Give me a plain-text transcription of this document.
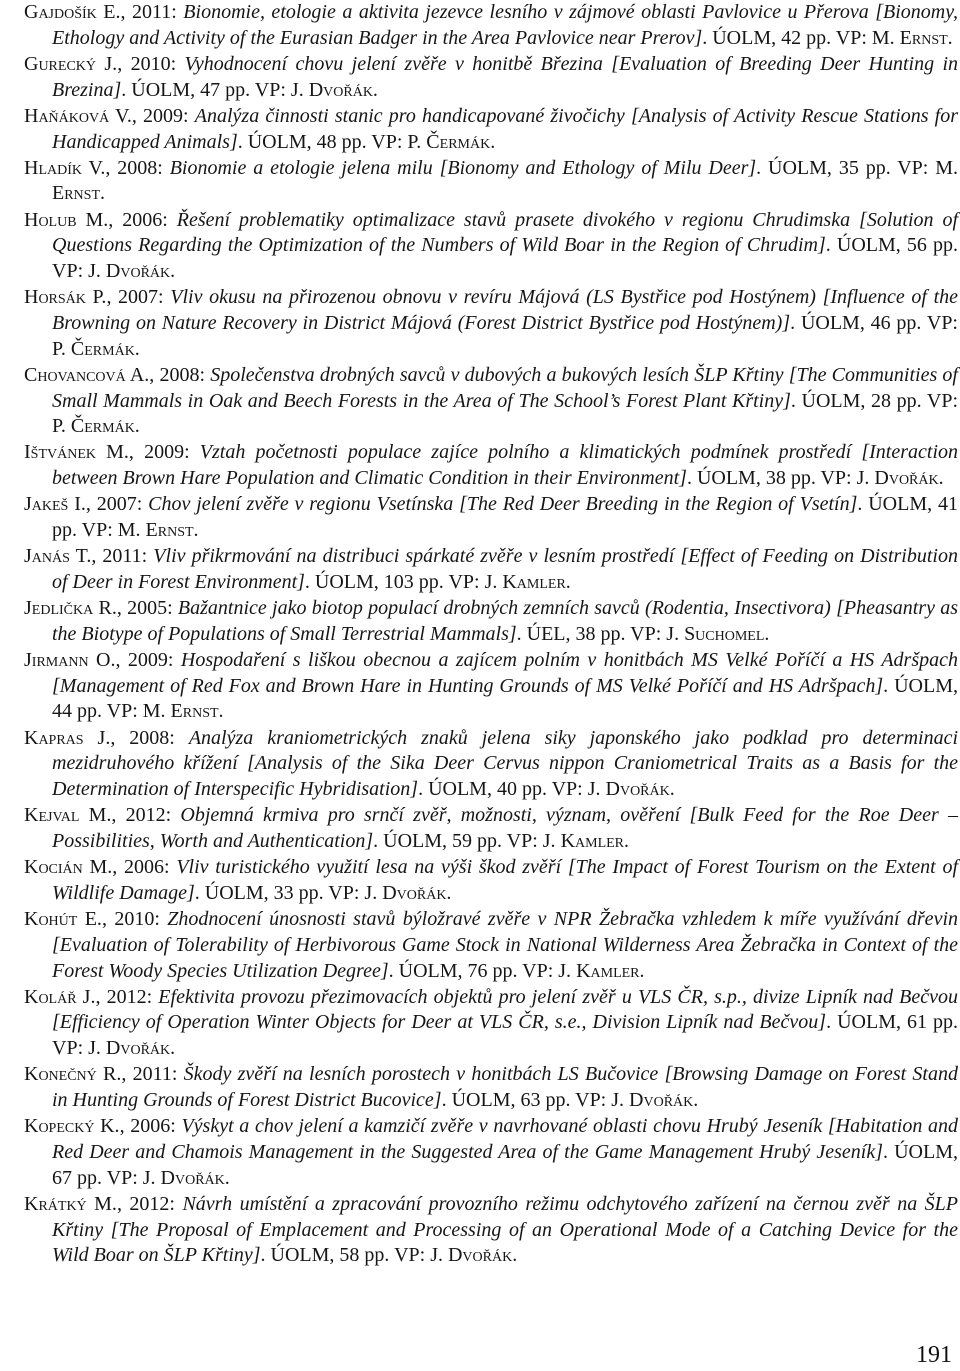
Gajdošík E., 2011: Bionomie, etologie a aktivita jezevce lesního v zájmové oblasti Pavlovice u Přerova [Bionomy, Ethology and Activity of the Eurasian Badger in the Area Pavlovice near Prerov]. ÚOLM, 42 pp. VP: M. Ernst.

Gurecký J., 2010: Vyhodnocení chovu jelení zvěře v honitbě Březina [Evaluation of Breeding Deer Hunting in Brezina]. ÚOLM, 47 pp. VP: J. Dvořák.

Haňáková V., 2009: Analýza činnosti stanic pro handicapované živočichy [Analysis of Activity Rescue Stations for Handicapped Animals]. ÚOLM, 48 pp. VP: P. Čermák.

Hladík V., 2008: Bionomie a etologie jelena milu [Bionomy and Ethology of Milu Deer]. ÚOLM, 35 pp. VP: M. Ernst.

Holub M., 2006: Řešení problematiky optimalizace stavů prasete divokého v regionu Chrudimska [Solution of Questions Regarding the Optimization of the Numbers of Wild Boar in the Region of Chrudim]. ÚOLM, 56 pp. VP: J. Dvořák.

Horsák P., 2007: Vliv okusu na přirozenou obnovu v revíru Májová (LS Bystřice pod Hostýnem) [Influence of the Browning on Nature Recovery in District Májová (Forest District Bystřice pod Hostýnem)]. ÚOLM, 46 pp. VP: P. Čermák.

Chovancová A., 2008: Společenstva drobných savců v dubových a bukových lesích ŠLP Křtiny [The Communities of Small Mammals in Oak and Beech Forests in the Area of The School’s Forest Plant Křtiny]. ÚOLM, 28 pp. VP: P. Čermák.

Ištvánek M., 2009: Vztah početnosti populace zajíce polního a klimatických podmínek prostředí [Interaction between Brown Hare Population and Climatic Condition in their Environment]. ÚOLM, 38 pp. VP: J. Dvořák.

Jakeš I., 2007: Chov jelení zvěře v regionu Vsetínska [The Red Deer Breeding in the Region of Vsetín]. ÚOLM, 41 pp. VP: M. Ernst.

Janás T., 2011: Vliv přikrmování na distribuci spárkaté zvěře v lesním prostředí [Effect of Feeding on Distribution of Deer in Forest Environment]. ÚOLM, 103 pp. VP: J. Kamler.

Jedlička R., 2005: Bažantnice jako biotop populací drobných zemních savců (Rodentia, Insectivora) [Pheasantry as the Biotype of Populations of Small Terrestrial Mammals]. ÚEL, 38 pp. VP: J. Suchomel.

Jirmann O., 2009: Hospodaření s liškou obecnou a zajícem polním v honitbách MS Velké Poříčí a HS Adršpach [Management of Red Fox and Brown Hare in Hunting Grounds of MS Velké Poříčí and HS Adršpach]. ÚOLM, 44 pp. VP: M. Ernst.

Kapras J., 2008: Analýza kraniometrických znaků jelena siky japonského jako podklad pro determinaci mezidruhového křížení [Analysis of the Sika Deer Cervus nippon Craniometrical Traits as a Basis for the Determination of Interspecific Hybridisation]. ÚOLM, 40 pp. VP: J. Dvořák.

Kejval M., 2012: Objemná krmiva pro srnčí zvěř, možnosti, význam, ověření [Bulk Feed for the Roe Deer – Possibilities, Worth and Authentication]. ÚOLM, 59 pp. VP: J. Kamler.

Kocián M., 2006: Vliv turistického využití lesa na výši škod zvěří [The Impact of Forest Tourism on the Extent of Wildlife Damage]. ÚOLM, 33 pp. VP: J. Dvořák.

Kohút E., 2010: Zhodnocení únosnosti stavů býložravé zvěře v NPR Žebračka vzhledem k míře využívání dřevin [Evaluation of Tolerability of Herbivorous Game Stock in National Wilderness Area Žebračka in Context of the Forest Woody Species Utilization Degree]. ÚOLM, 76 pp. VP: J. Kamler.

Kolář J., 2012: Efektivita provozu přezimovacích objektů pro jelení zvěř u VLS ČR, s.p., divize Lipník nad Bečvou [Efficiency of Operation Winter Objects for Deer at VLS ČR, s.e., Division Lipník nad Bečvou]. ÚOLM, 61 pp. VP: J. Dvořák.

Konečný R., 2011: Škody zvěří na lesních porostech v honitbách LS Bučovice [Browsing Damage on Forest Stand in Hunting Grounds of Forest District Bucovice]. ÚOLM, 63 pp. VP: J. Dvořák.

Kopecký K., 2006: Výskyt a chov jelení a kamzičí zvěře v navrhované oblasti chovu Hrubý Jeseník [Habitation and Red Deer and Chamois Management in the Suggested Area of the Game Management Hrubý Jeseník]. ÚOLM, 67 pp. VP: J. Dvořák.

Krátký M., 2012: Návrh umístění a zpracování provozního režimu odchytového zařízení na černou zvěř na ŠLP Křtiny [The Proposal of Emplacement and Processing of an Operational Mode of a Catching Device for the Wild Boar on ŠLP Křtiny]. ÚOLM, 58 pp. VP: J. Dvořák.

191
